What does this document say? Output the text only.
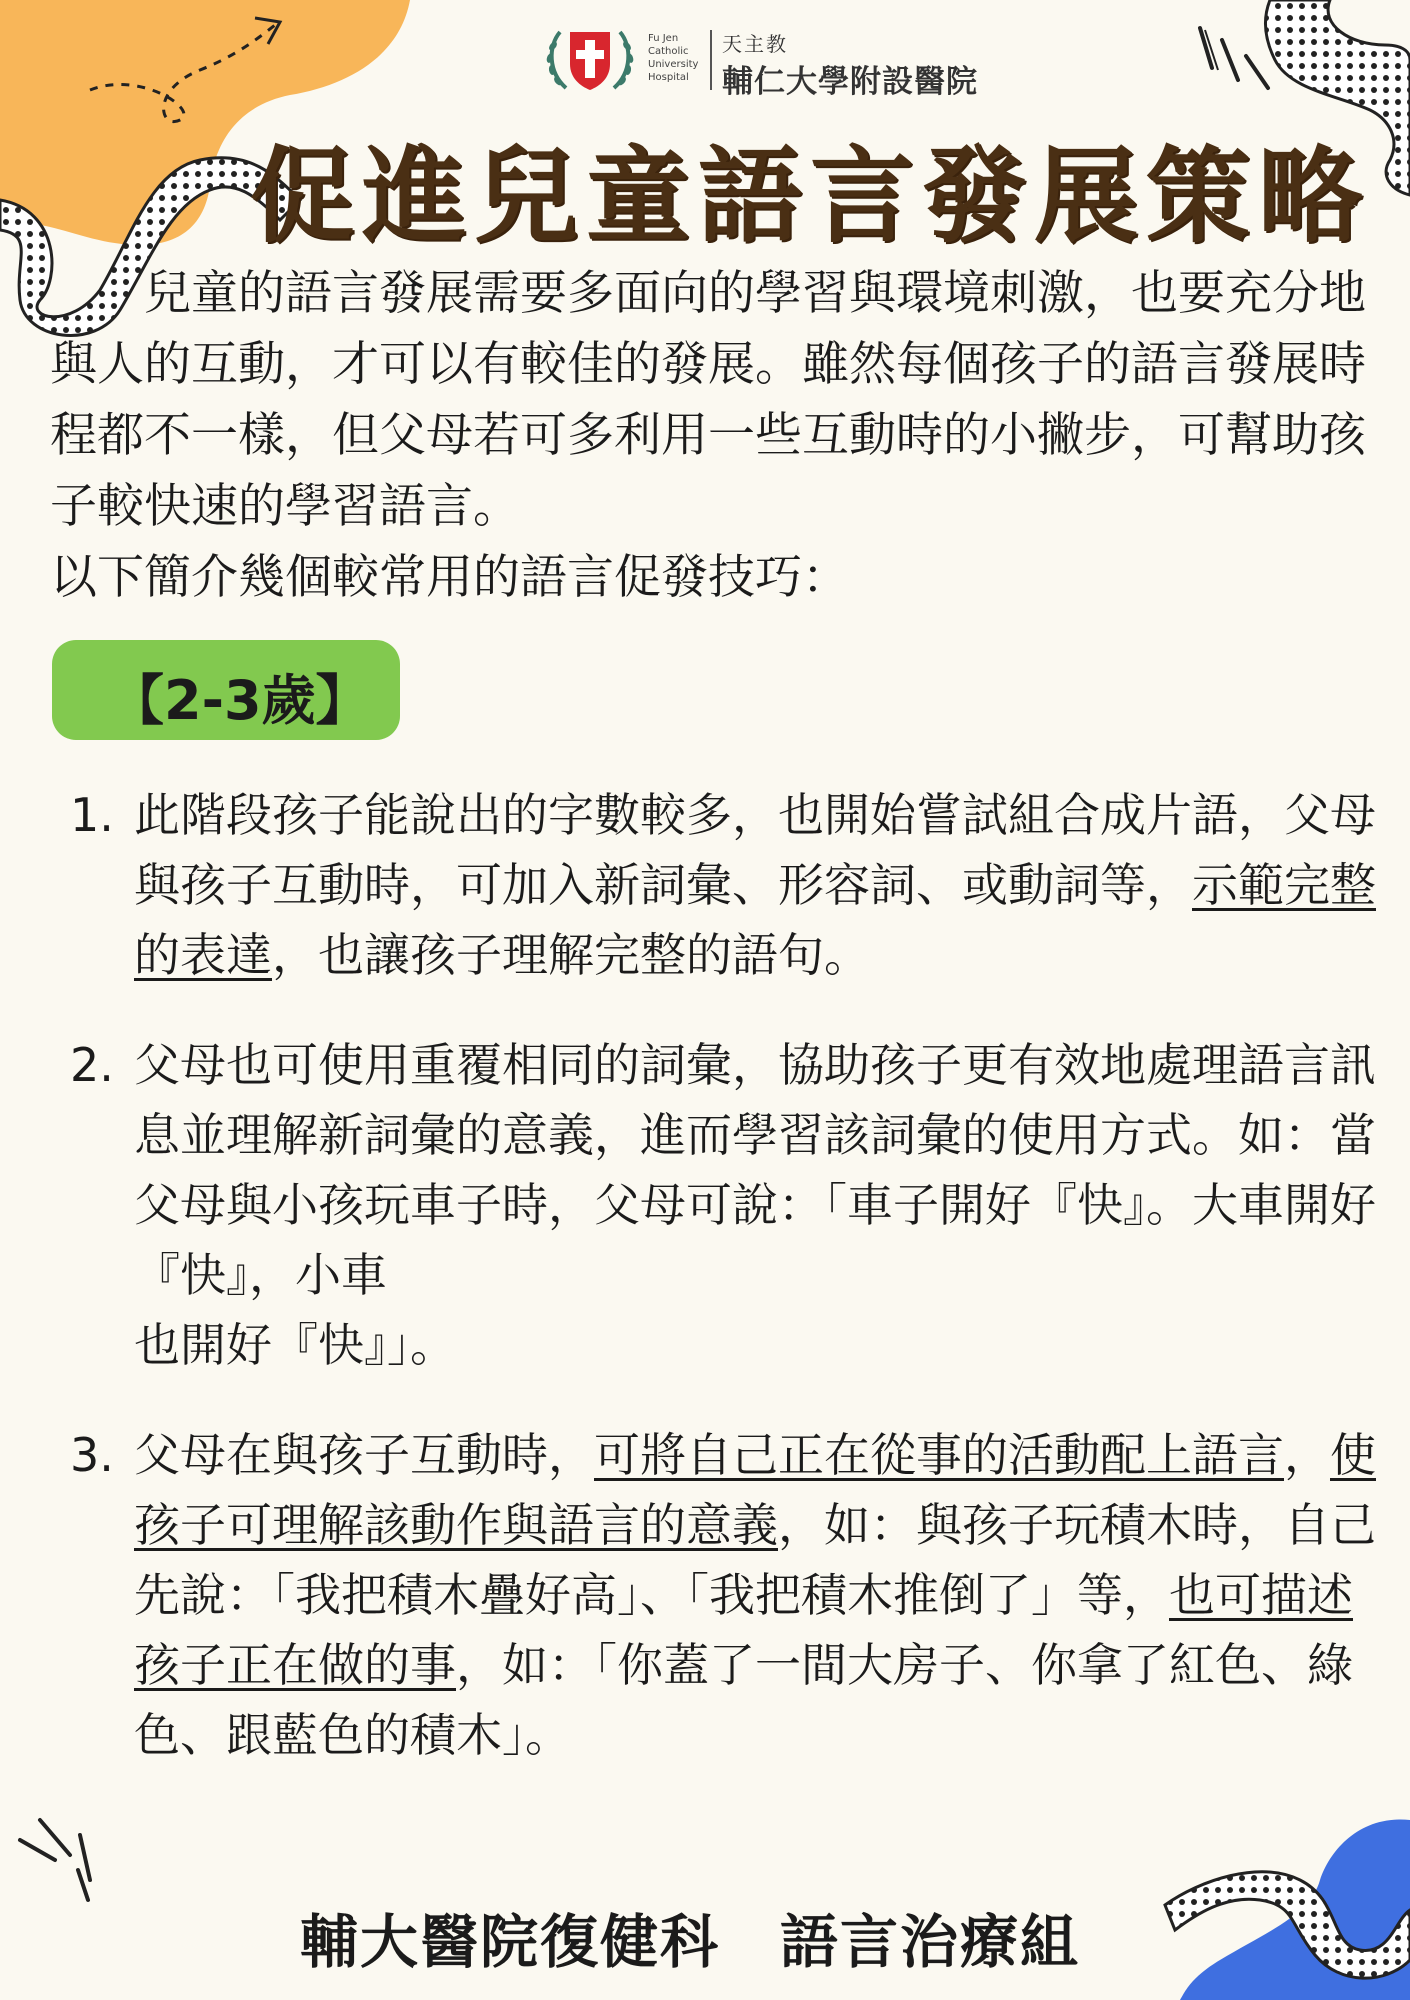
Fu Jen
Catholic
University
Hospital
天主教
輔仁大學附設醫院
促進兒童語言發展策略

兒童的語言發展需要多面向的學習與環境刺激，也要充分地與人的互動，才可以有較佳的發展。雖然每個孩子的語言發展時程都不一樣，但父母若可多利用一些互動時的小撇步，可幫助孩子較快速的學習語言。

以下簡介幾個較常用的語言促發技巧：

【2-3歲】
1. 此階段孩子能說出的字數較多，也開始嘗試組合成片語，父母與孩子互動時，可加入新詞彙、形容詞、或動詞等，示範完整的表達，也讓孩子理解完整的語句。
2. 父母也可使用重覆相同的詞彙，協助孩子更有效地處理語言訊息並理解新詞彙的意義，進而學習該詞彙的使用方式。如：當父母與小孩玩車子時，父母可說：「車子開好『快』。大車開好『快』，小車
也開好『快』」。
3. 父母在與孩子互動時，可將自己正在從事的活動配上語言，使孩子可理解該動作與語言的意義，如：與孩子玩積木時，自己先說：「我把積木疊好高」、「我把積木推倒了」等，也可描述孩子正在做的事，如：「你蓋了一間大房子、你拿了紅色、綠色、跟藍色的積木」。
輔大醫院復健科 語言治療組
